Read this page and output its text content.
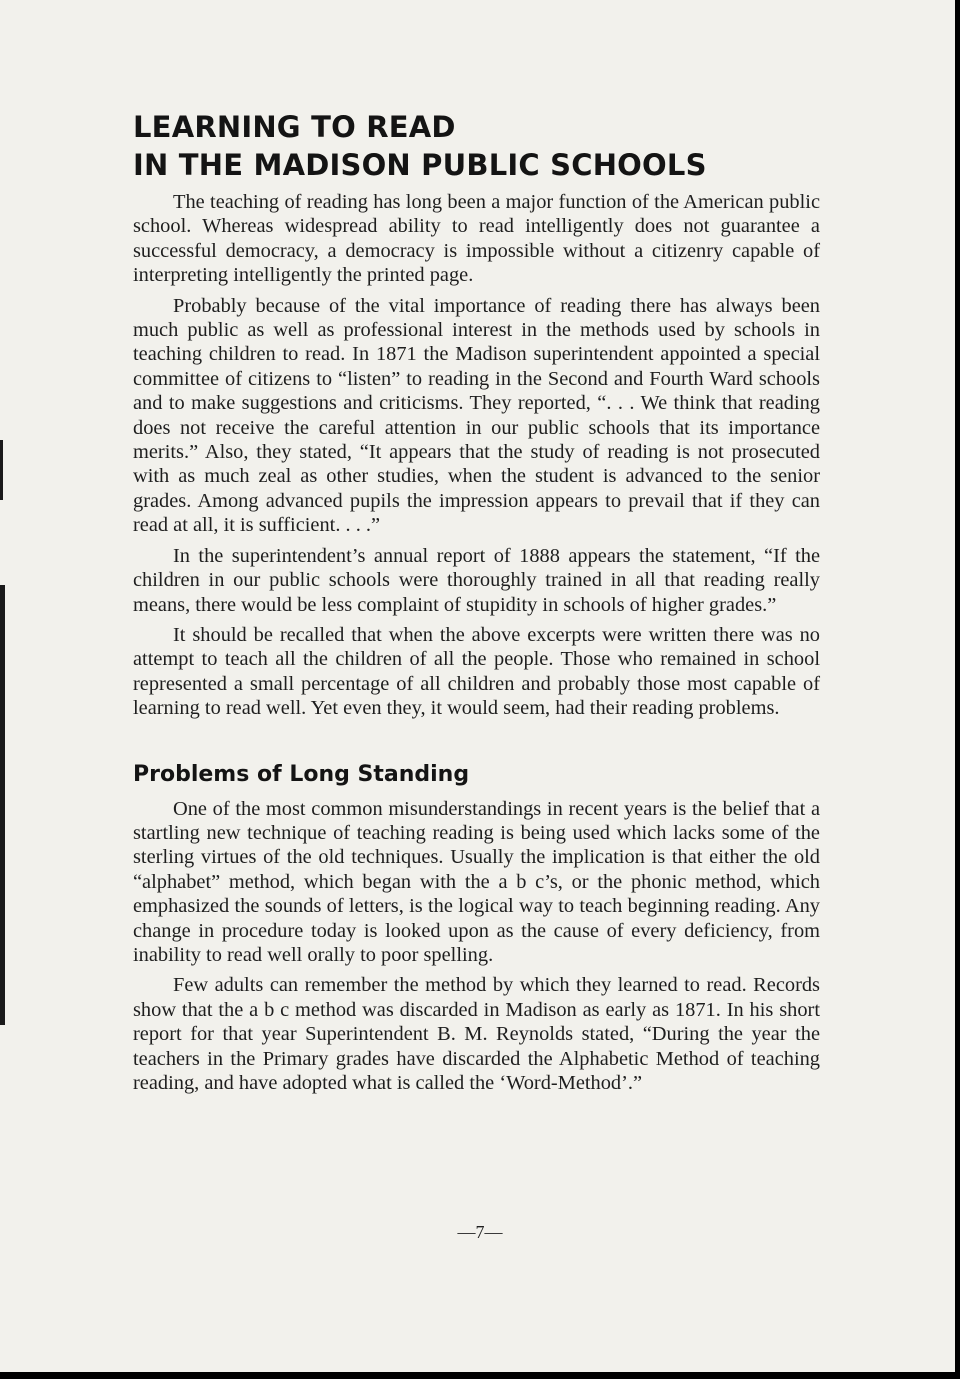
LEARNING TO READ
IN THE MADISON PUBLIC SCHOOLS

The teaching of reading has long been a major function of the American public school. Whereas widespread ability to read intelligently does not guarantee a successful democracy, a democracy is impossible without a citizenry capable of interpreting intelligently the printed page.

Probably because of the vital importance of reading there has always been much public as well as professional interest in the methods used by schools in teaching children to read. In 1871 the Madison superintendent appointed a special committee of citizens to “listen” to reading in the Second and Fourth Ward schools and to make suggestions and criticisms. They reported, “. . . We think that reading does not receive the careful attention in our public schools that its importance merits.” Also, they stated, “It appears that the study of reading is not prosecuted with as much zeal as other studies, when the student is advanced to the senior grades. Among advanced pupils the impression appears to prevail that if they can read at all, it is sufficient. . . .”

In the superintendent’s annual report of 1888 appears the statement, “If the children in our public schools were thoroughly trained in all that reading really means, there would be less complaint of stupidity in schools of higher grades.”

It should be recalled that when the above excerpts were written there was no attempt to teach all the children of all the people. Those who remained in school represented a small percentage of all children and probably those most capable of learning to read well. Yet even they, it would seem, had their reading problems.

Problems of Long Standing

One of the most common misunderstandings in recent years is the belief that a startling new technique of teaching reading is being used which lacks some of the sterling virtues of the old techniques. Usually the implication is that either the old “alphabet” method, which began with the a b c’s, or the phonic method, which emphasized the sounds of letters, is the logical way to teach beginning reading. Any change in procedure today is looked upon as the cause of every deficiency, from inability to read well orally to poor spelling.

Few adults can remember the method by which they learned to read. Records show that the a b c method was discarded in Madison as early as 1871. In his short report for that year Superintendent B. M. Reynolds stated, “During the year the teachers in the Primary grades have discarded the Alphabetic Method of teaching reading, and have adopted what is called the ‘Word-Method’.”

—7—
